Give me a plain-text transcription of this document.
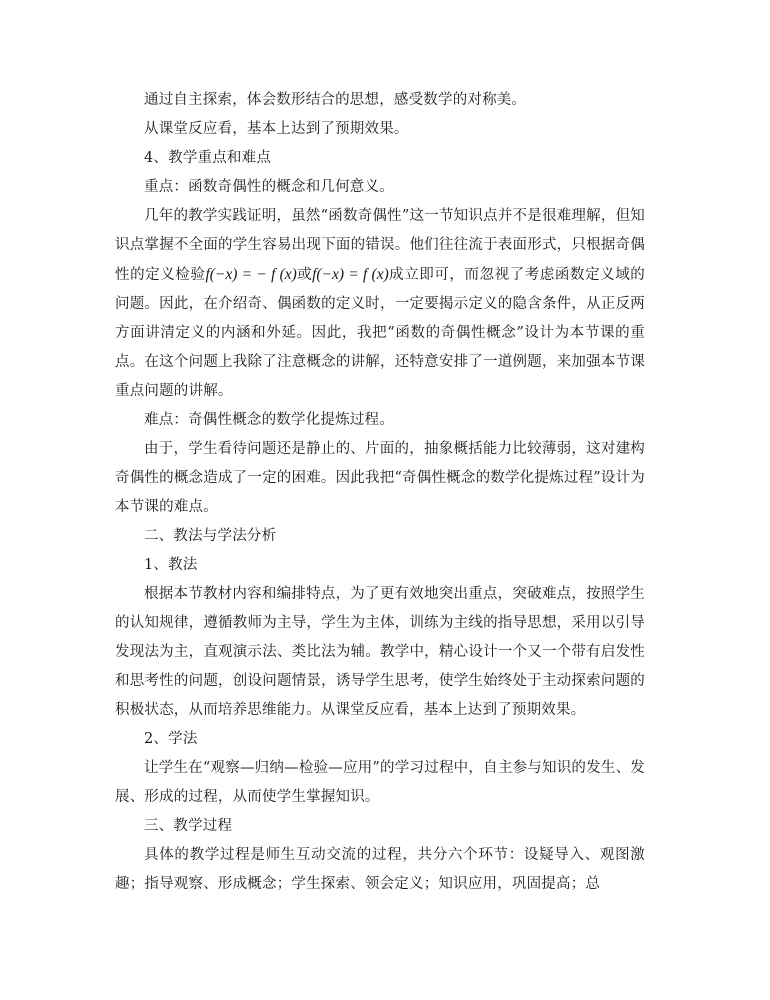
通过自主探索，体会数形结合的思想，感受数学的对称美。

从课堂反应看，基本上达到了预期效果。

4、教学重点和难点

重点：函数奇偶性的概念和几何意义。

几年的教学实践证明，虽然“函数奇偶性”这一节知识点并不是很难理解，但知识点掌握不全面的学生容易出现下面的错误。他们往往流于表面形式，只根据奇偶性的定义检验f(−x) = − f (x)或f(−x) = f (x)成立即可，而忽视了考虑函数定义域的问题。因此，在介绍奇、偶函数的定义时，一定要揭示定义的隐含条件，从正反两方面讲清定义的内涵和外延。因此，我把“函数的奇偶性概念”设计为本节课的重点。在这个问题上我除了注意概念的讲解，还特意安排了一道例题，来加强本节课重点问题的讲解。

难点：奇偶性概念的数学化提炼过程。

由于，学生看待问题还是静止的、片面的，抽象概括能力比较薄弱，这对建构奇偶性的概念造成了一定的困难。因此我把“奇偶性概念的数学化提炼过程”设计为本节课的难点。

二、教法与学法分析

1、教法

根据本节教材内容和编排特点，为了更有效地突出重点，突破难点，按照学生的认知规律，遵循教师为主导，学生为主体，训练为主线的指导思想，采用以引导发现法为主，直观演示法、类比法为辅。教学中，精心设计一个又一个带有启发性和思考性的问题，创设问题情景，诱导学生思考，使学生始终处于主动探索问题的积极状态，从而培养思维能力。从课堂反应看，基本上达到了预期效果。

2、学法

让学生在“观察—归纳—检验—应用”的学习过程中，自主参与知识的发生、发展、形成的过程，从而使学生掌握知识。

三、教学过程

具体的教学过程是师生互动交流的过程，共分六个环节：设疑导入、观图激趣；指导观察、形成概念；学生探索、领会定义；知识应用，巩固提高；总
